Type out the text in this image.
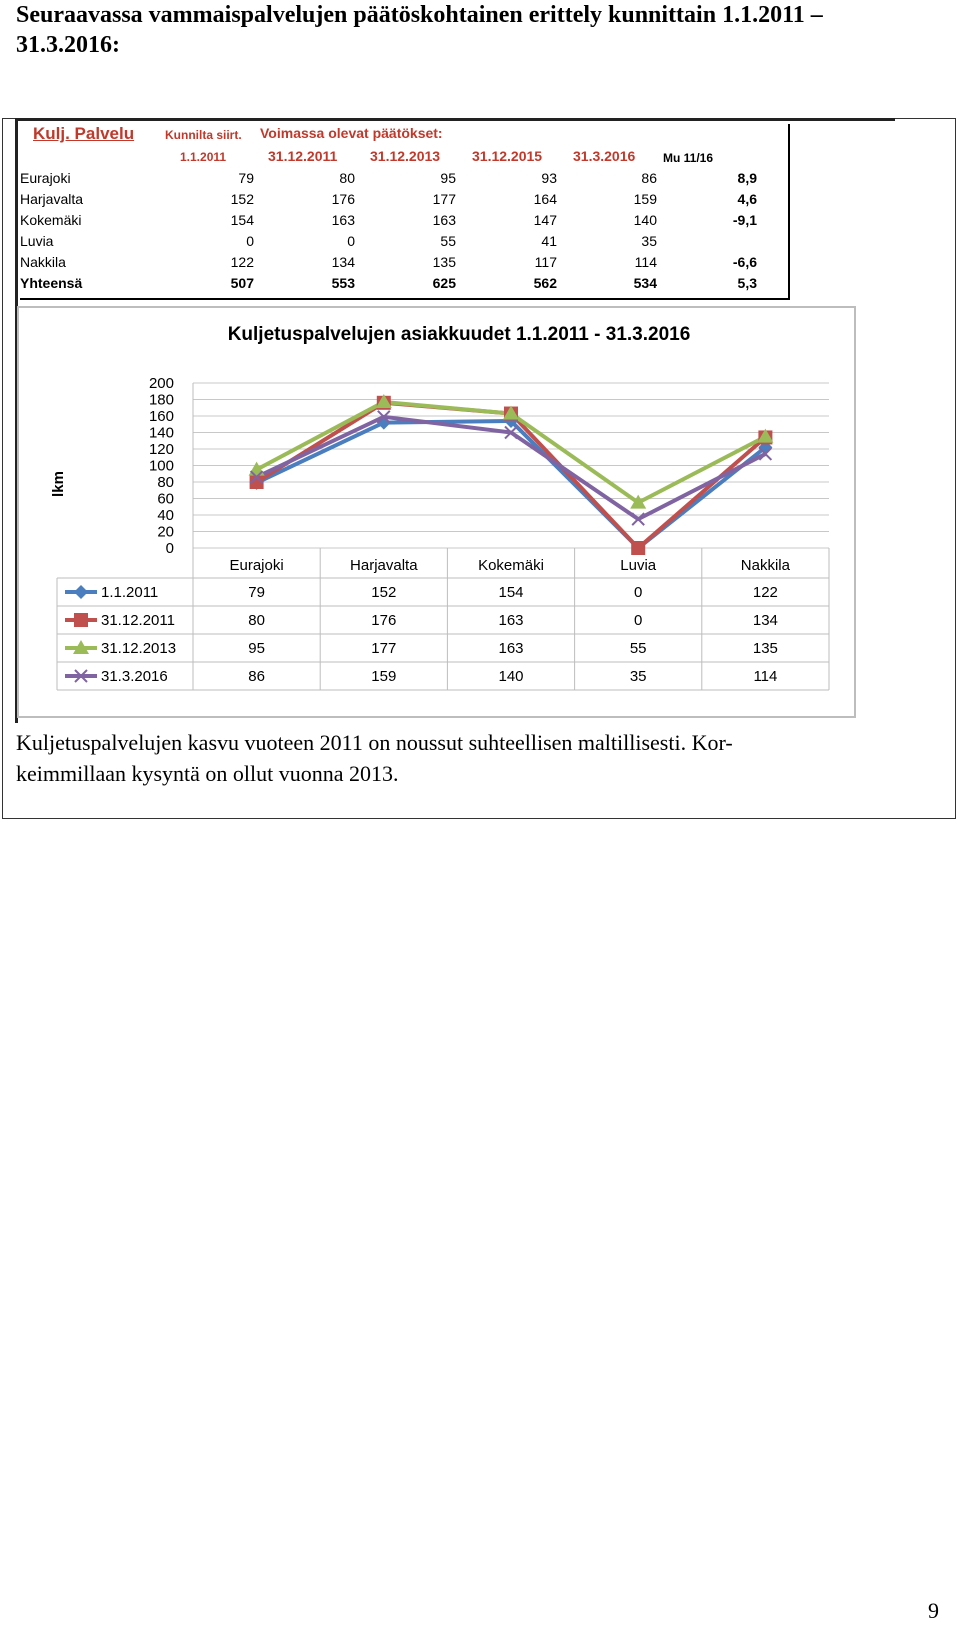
Seuraavassa vammaispalvelujen päätöskohtainen erittely kunnittain 1.1.2011 – 31.3.2016:
Kulj. Palvelu	Kunnilta siirt. Voimassa olevat päätökset:
1.1.2011	31.12.2011 31.12.2013 31.12.2015 31.3.2016 Mu 11/16
Eurajoki	79	80	95	93	86	8,9
Harjavalta	152	176	177	164	159	4,6
Kokemäki	154	163	163	147	140	-9,1
Luvia	0	0	55	41	35
Nakkila	122	134	135	117	114	-6,6
Yhteensä	507	553	625	562	534	5,3
Kuljetuspalvelujen asiakkuudet 1.1.2011 - 31.3.2016
lkm
200
180
160
140
120
100
80
60
40
20
0
Eurajoki	Harjavalta	Kokemäki	Luvia	Nakkila
1.1.2011	79	152	154	0	122
31.12.2011	80	176	163	0	134
31.12.2013	95	177	163	55	135
31.3.2016	86	159	140	35	114
Kuljetuspalvelujen kasvu vuoteen 2011 on noussut suhteellisen maltillisesti. Kor-
keimmillaan kysyntä on ollut vuonna 2013.
9
